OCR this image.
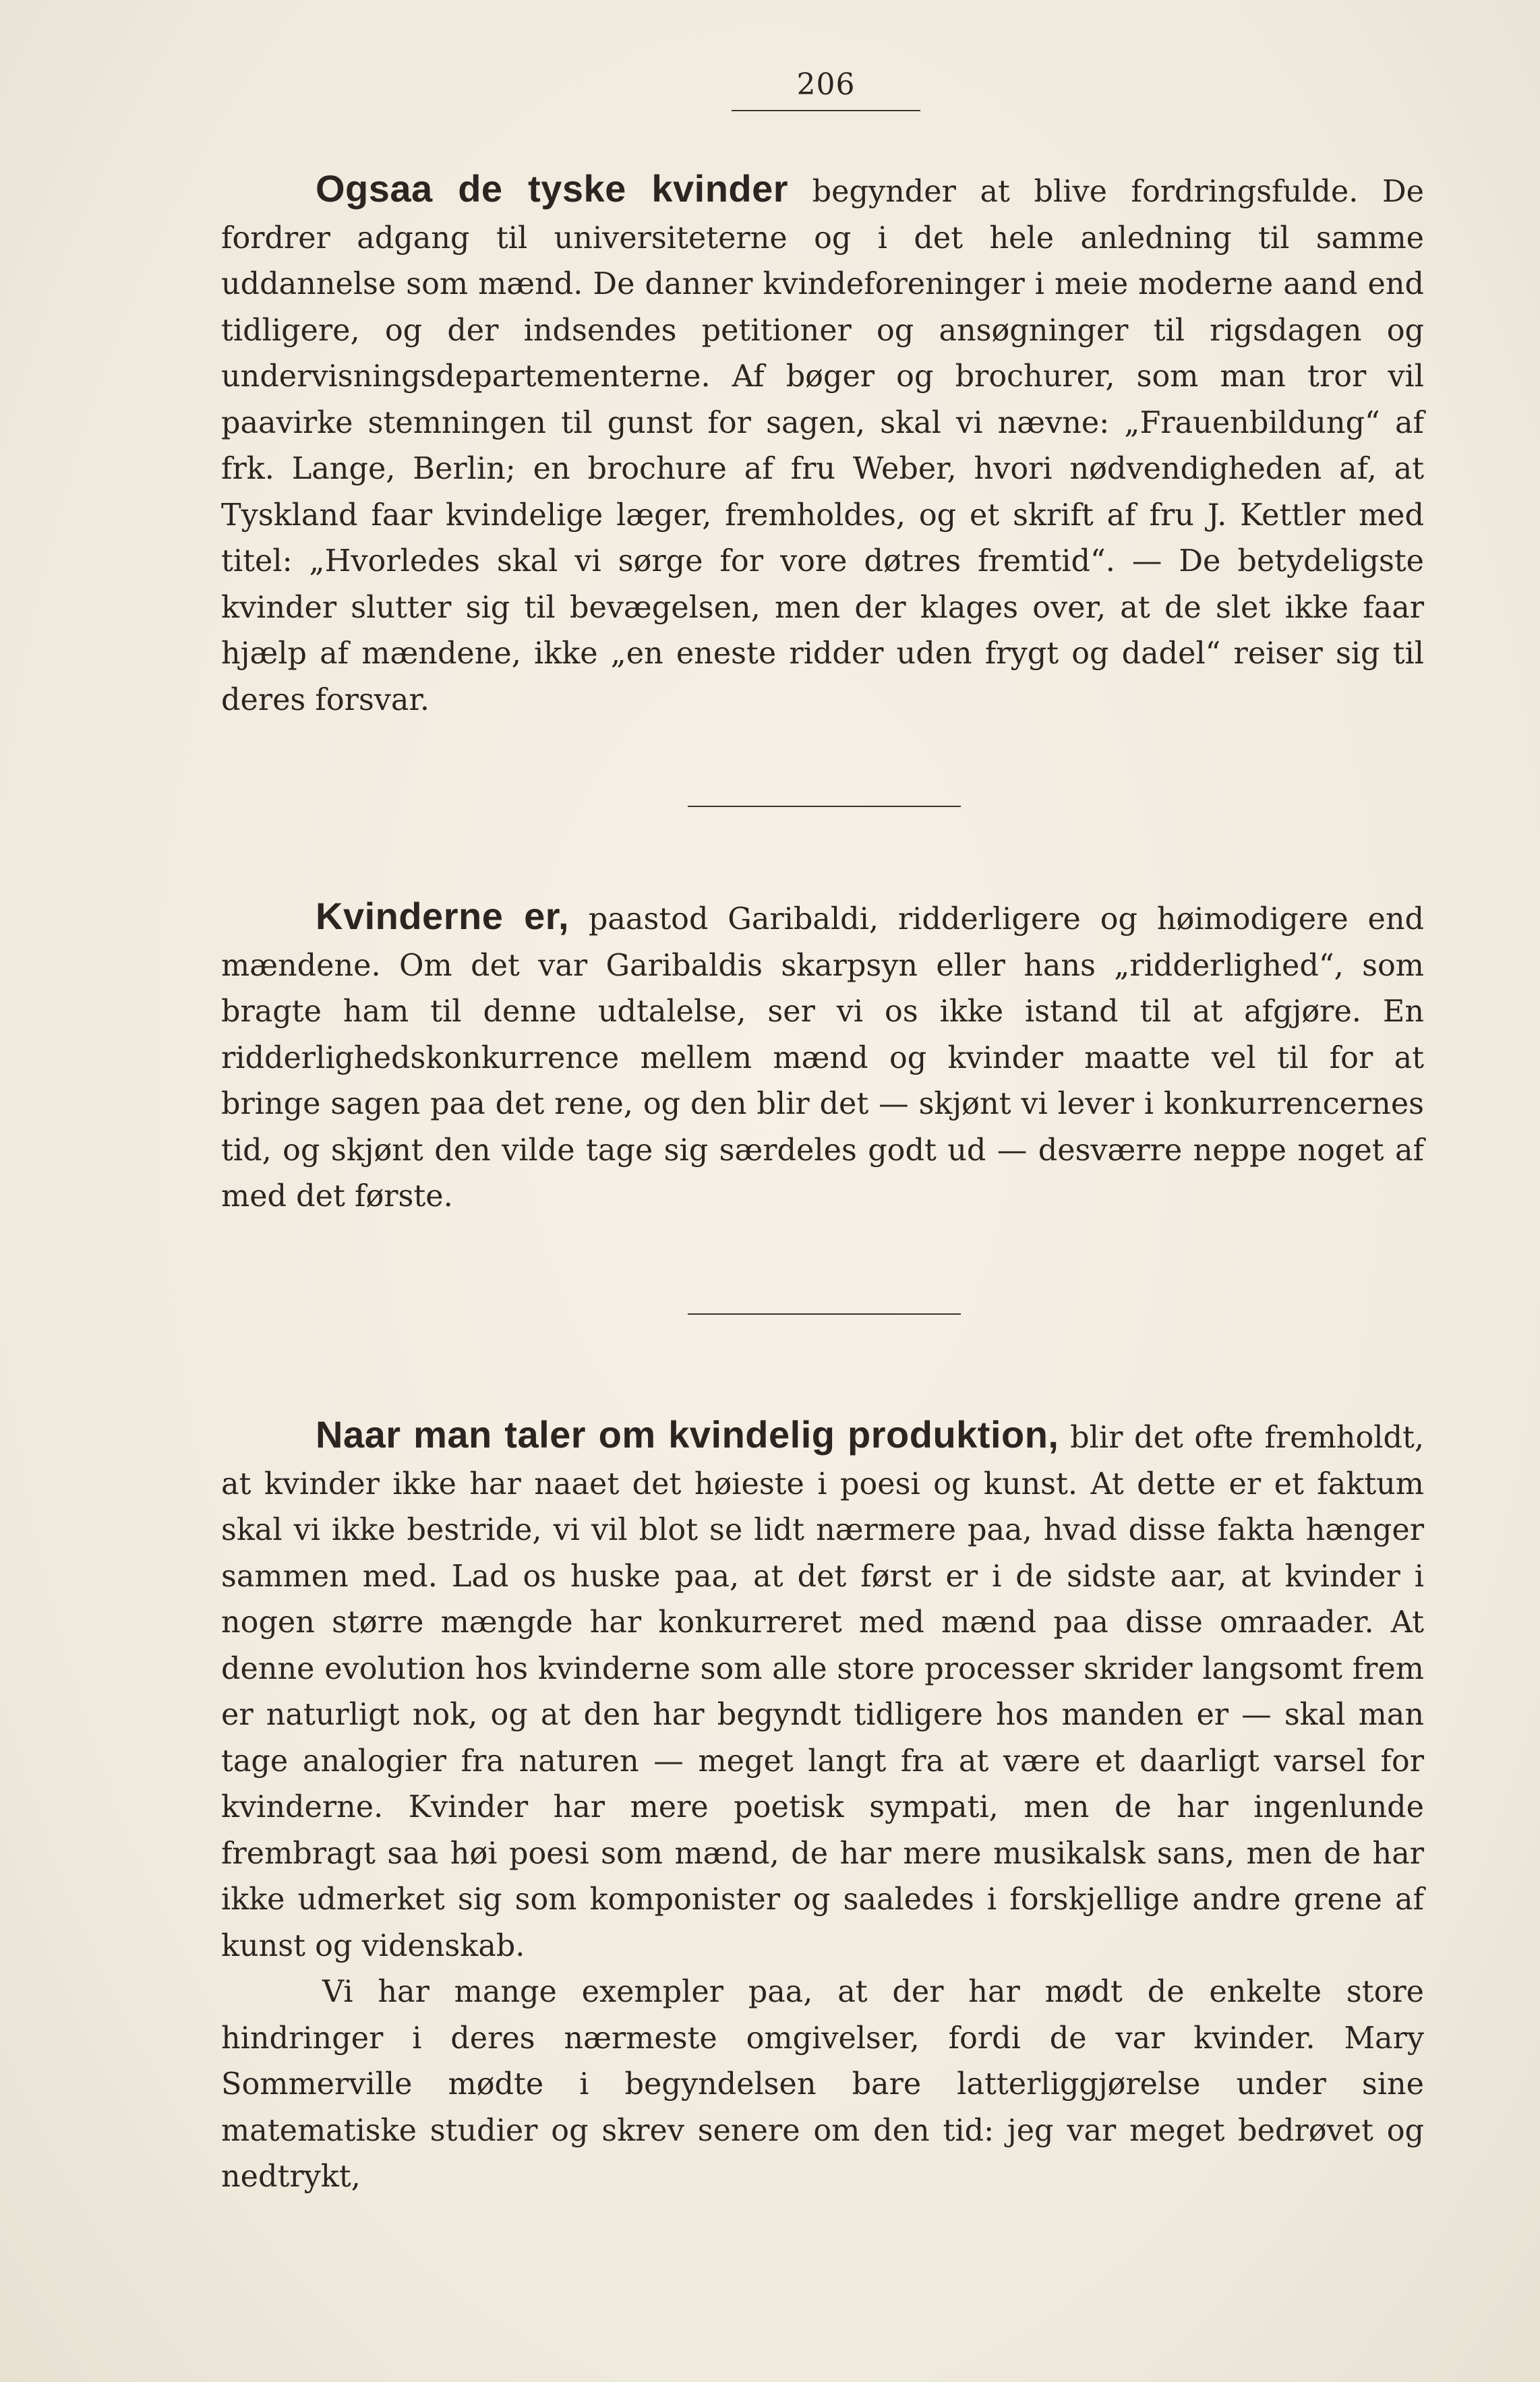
206

Ogsaa de tyske kvinder begynder at blive fordringsfulde. De fordrer adgang til universiteterne og i det hele anledning til samme uddannelse som mænd. De danner kvindeforeninger i meie moderne aand end tidligere, og der indsendes petitioner og ansøgninger til rigsdagen og undervisningsdepartementerne. Af bøger og brochurer, som man tror vil paavirke stemningen til gunst for sagen, skal vi nævne: „Frauenbildung“ af frk. Lange, Berlin; en brochure af fru Weber, hvori nødvendigheden af, at Tyskland faar kvindelige læger, fremholdes, og et skrift af fru J. Kettler med titel: „Hvorledes skal vi sørge for vore døtres fremtid“. — De betydeligste kvinder slutter sig til bevægelsen, men der klages over, at de slet ikke faar hjælp af mændene, ikke „en eneste ridder uden frygt og dadel“ reiser sig til deres forsvar.

Kvinderne er, paastod Garibaldi, ridderligere og høimodigere end mændene. Om det var Garibaldis skarpsyn eller hans „ridderlighed“, som bragte ham til denne udtalelse, ser vi os ikke istand til at afgjøre. En ridderlighedskonkurrence mellem mænd og kvinder maatte vel til for at bringe sagen paa det rene, og den blir det — skjønt vi lever i konkurrencernes tid, og skjønt den vilde tage sig særdeles godt ud — desværre neppe noget af med det første.

Naar man taler om kvindelig produktion, blir det ofte fremholdt, at kvinder ikke har naaet det høieste i poesi og kunst. At dette er et faktum skal vi ikke bestride, vi vil blot se lidt nærmere paa, hvad disse fakta hænger sammen med. Lad os huske paa, at det først er i de sidste aar, at kvinder i nogen større mængde har konkurreret med mænd paa disse omraader. At denne evolution hos kvinderne som alle store processer skrider langsomt frem er naturligt nok, og at den har begyndt tidligere hos manden er — skal man tage analogier fra naturen — meget langt fra at være et daarligt varsel for kvinderne. Kvinder har mere poetisk sympati, men de har ingenlunde frembragt saa høi poesi som mænd, de har mere musikalsk sans, men de har ikke udmerket sig som komponister og saaledes i forskjellige andre grene af kunst og videnskab.

Vi har mange exempler paa, at der har mødt de enkelte store hindringer i deres nærmeste omgivelser, fordi de var kvinder. Mary Sommerville mødte i begyndelsen bare latterliggjørelse under sine matematiske studier og skrev senere om den tid: jeg var meget bedrøvet og nedtrykt,
